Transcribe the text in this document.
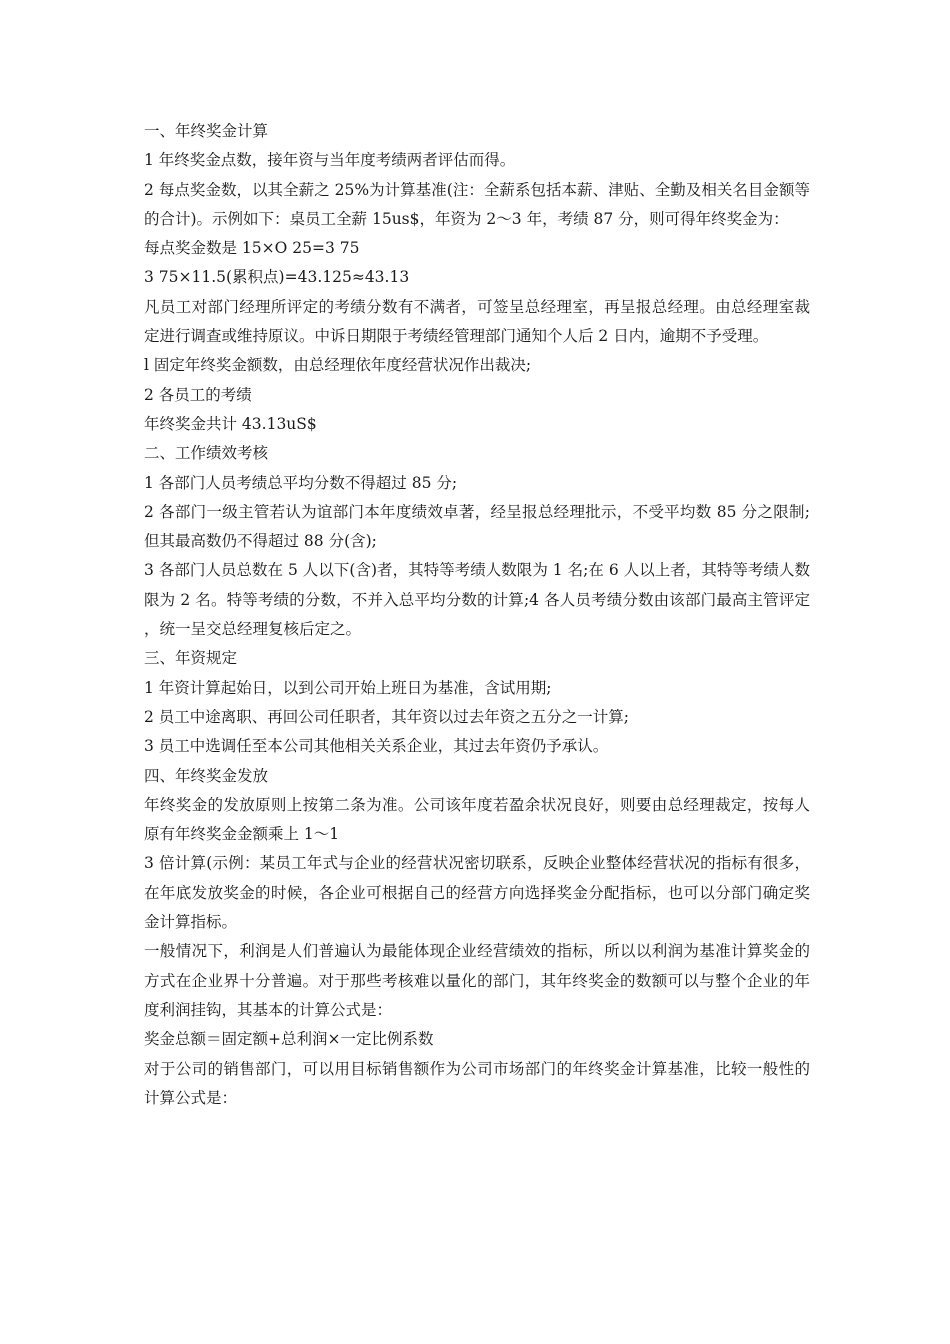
一、年终奖金计算

1 年终奖金点数，接年资与当年度考绩两者评估而得。

2 每点奖金数，以其全薪之 25%为计算基准(注：全薪系包括本薪、津贴、全勤及相关名目金额等的合计)。示例如下：桌员工全薪 15us$，年资为 2～3 年，考绩 87 分，则可得年终奖金为：

每点奖金数是 15×O 25=3 75

3 75×11.5(累积点)=43.125≈43.13

凡员工对部门经理所评定的考绩分数有不满者，可签呈总经理室，再呈报总经理。由总经理室裁定进行调查或维持原议。中诉日期限于考绩经管理部门通知个人后 2 日内，逾期不予受理。

l 固定年终奖金额数，由总经理依年度经营状况作出裁决;

2 各员工的考绩

年终奖金共计 43.13uS$

二、工作绩效考核

1 各部门人员考绩总平均分数不得超过 85 分;

2 各部门一级主管若认为谊部门本年度绩效卓著，经呈报总经理批示，不受平均数 85 分之限制;但其最高数仍不得超过 88 分(含);

3 各部门人员总数在 5 人以下(含)者，其特等考绩人数限为 1 名;在 6 人以上者，其特等考绩人数限为 2 名。特等考绩的分数，不并入总平均分数的计算;4 各人员考绩分数由该部门最高主管评定，统一呈交总经理复核后定之。

三、年资规定

1 年资计算起始日，以到公司开始上班日为基准，含试用期;

2 员工中途离职、再回公司任职者，其年资以过去年资之五分之一计算;

3 员工中选调任至本公司其他相关关系企业，其过去年资仍予承认。

四、年终奖金发放

年终奖金的发放原则上按第二条为准。公司该年度若盈余状况良好，则要由总经理裁定，按每人原有年终奖金金额乘上 1～1

3 倍计算(示例：某员工年式与企业的经营状况密切联系，反映企业整体经营状况的指标有很多，在年底发放奖金的时候，各企业可根据自己的经营方向选择奖金分配指标，也可以分部门确定奖金计算指标。

一般情况下，利润是人们普遍认为最能体现企业经营绩效的指标，所以以利润为基准计算奖金的方式在企业界十分普遍。对于那些考核难以量化的部门，其年终奖金的数额可以与整个企业的年度利润挂钩，其基本的计算公式是：

奖金总额＝固定额+总利润×一定比例系数

对于公司的销售部门，可以用目标销售额作为公司市场部门的年终奖金计算基准，比较一般性的计算公式是：
